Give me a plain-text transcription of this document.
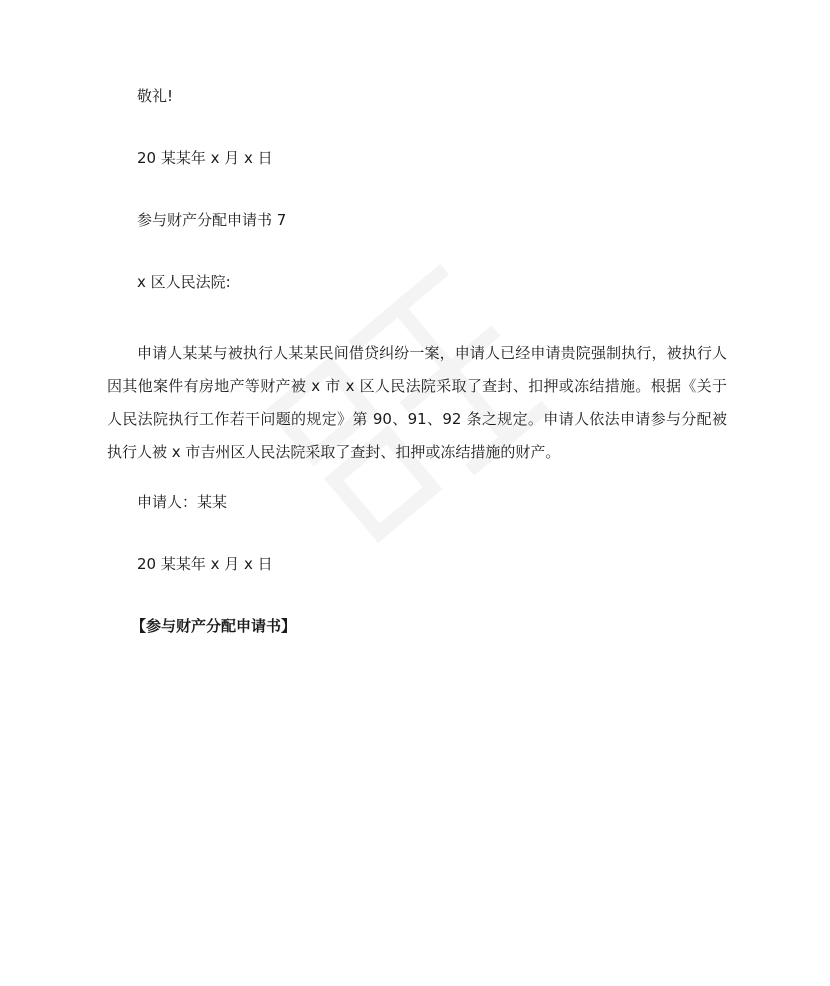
敬礼!
20 某某年 x 月 x 日
参与财产分配申请书 7
x 区人民法院:
申请人某某与被执行人某某民间借贷纠纷一案，申请人已经申请贵院强制执行，被执行人因其他案件有房地产等财产被 x 市 x 区人民法院采取了查封、扣押或冻结措施。根据《关于人民法院执行工作若干问题的规定》第 90、91、92 条之规定。申请人依法申请参与分配被执行人被 x 市吉州区人民法院采取了查封、扣押或冻结措施的财产。
申请人：某某
20 某某年 x 月 x 日
【参与财产分配申请书】
